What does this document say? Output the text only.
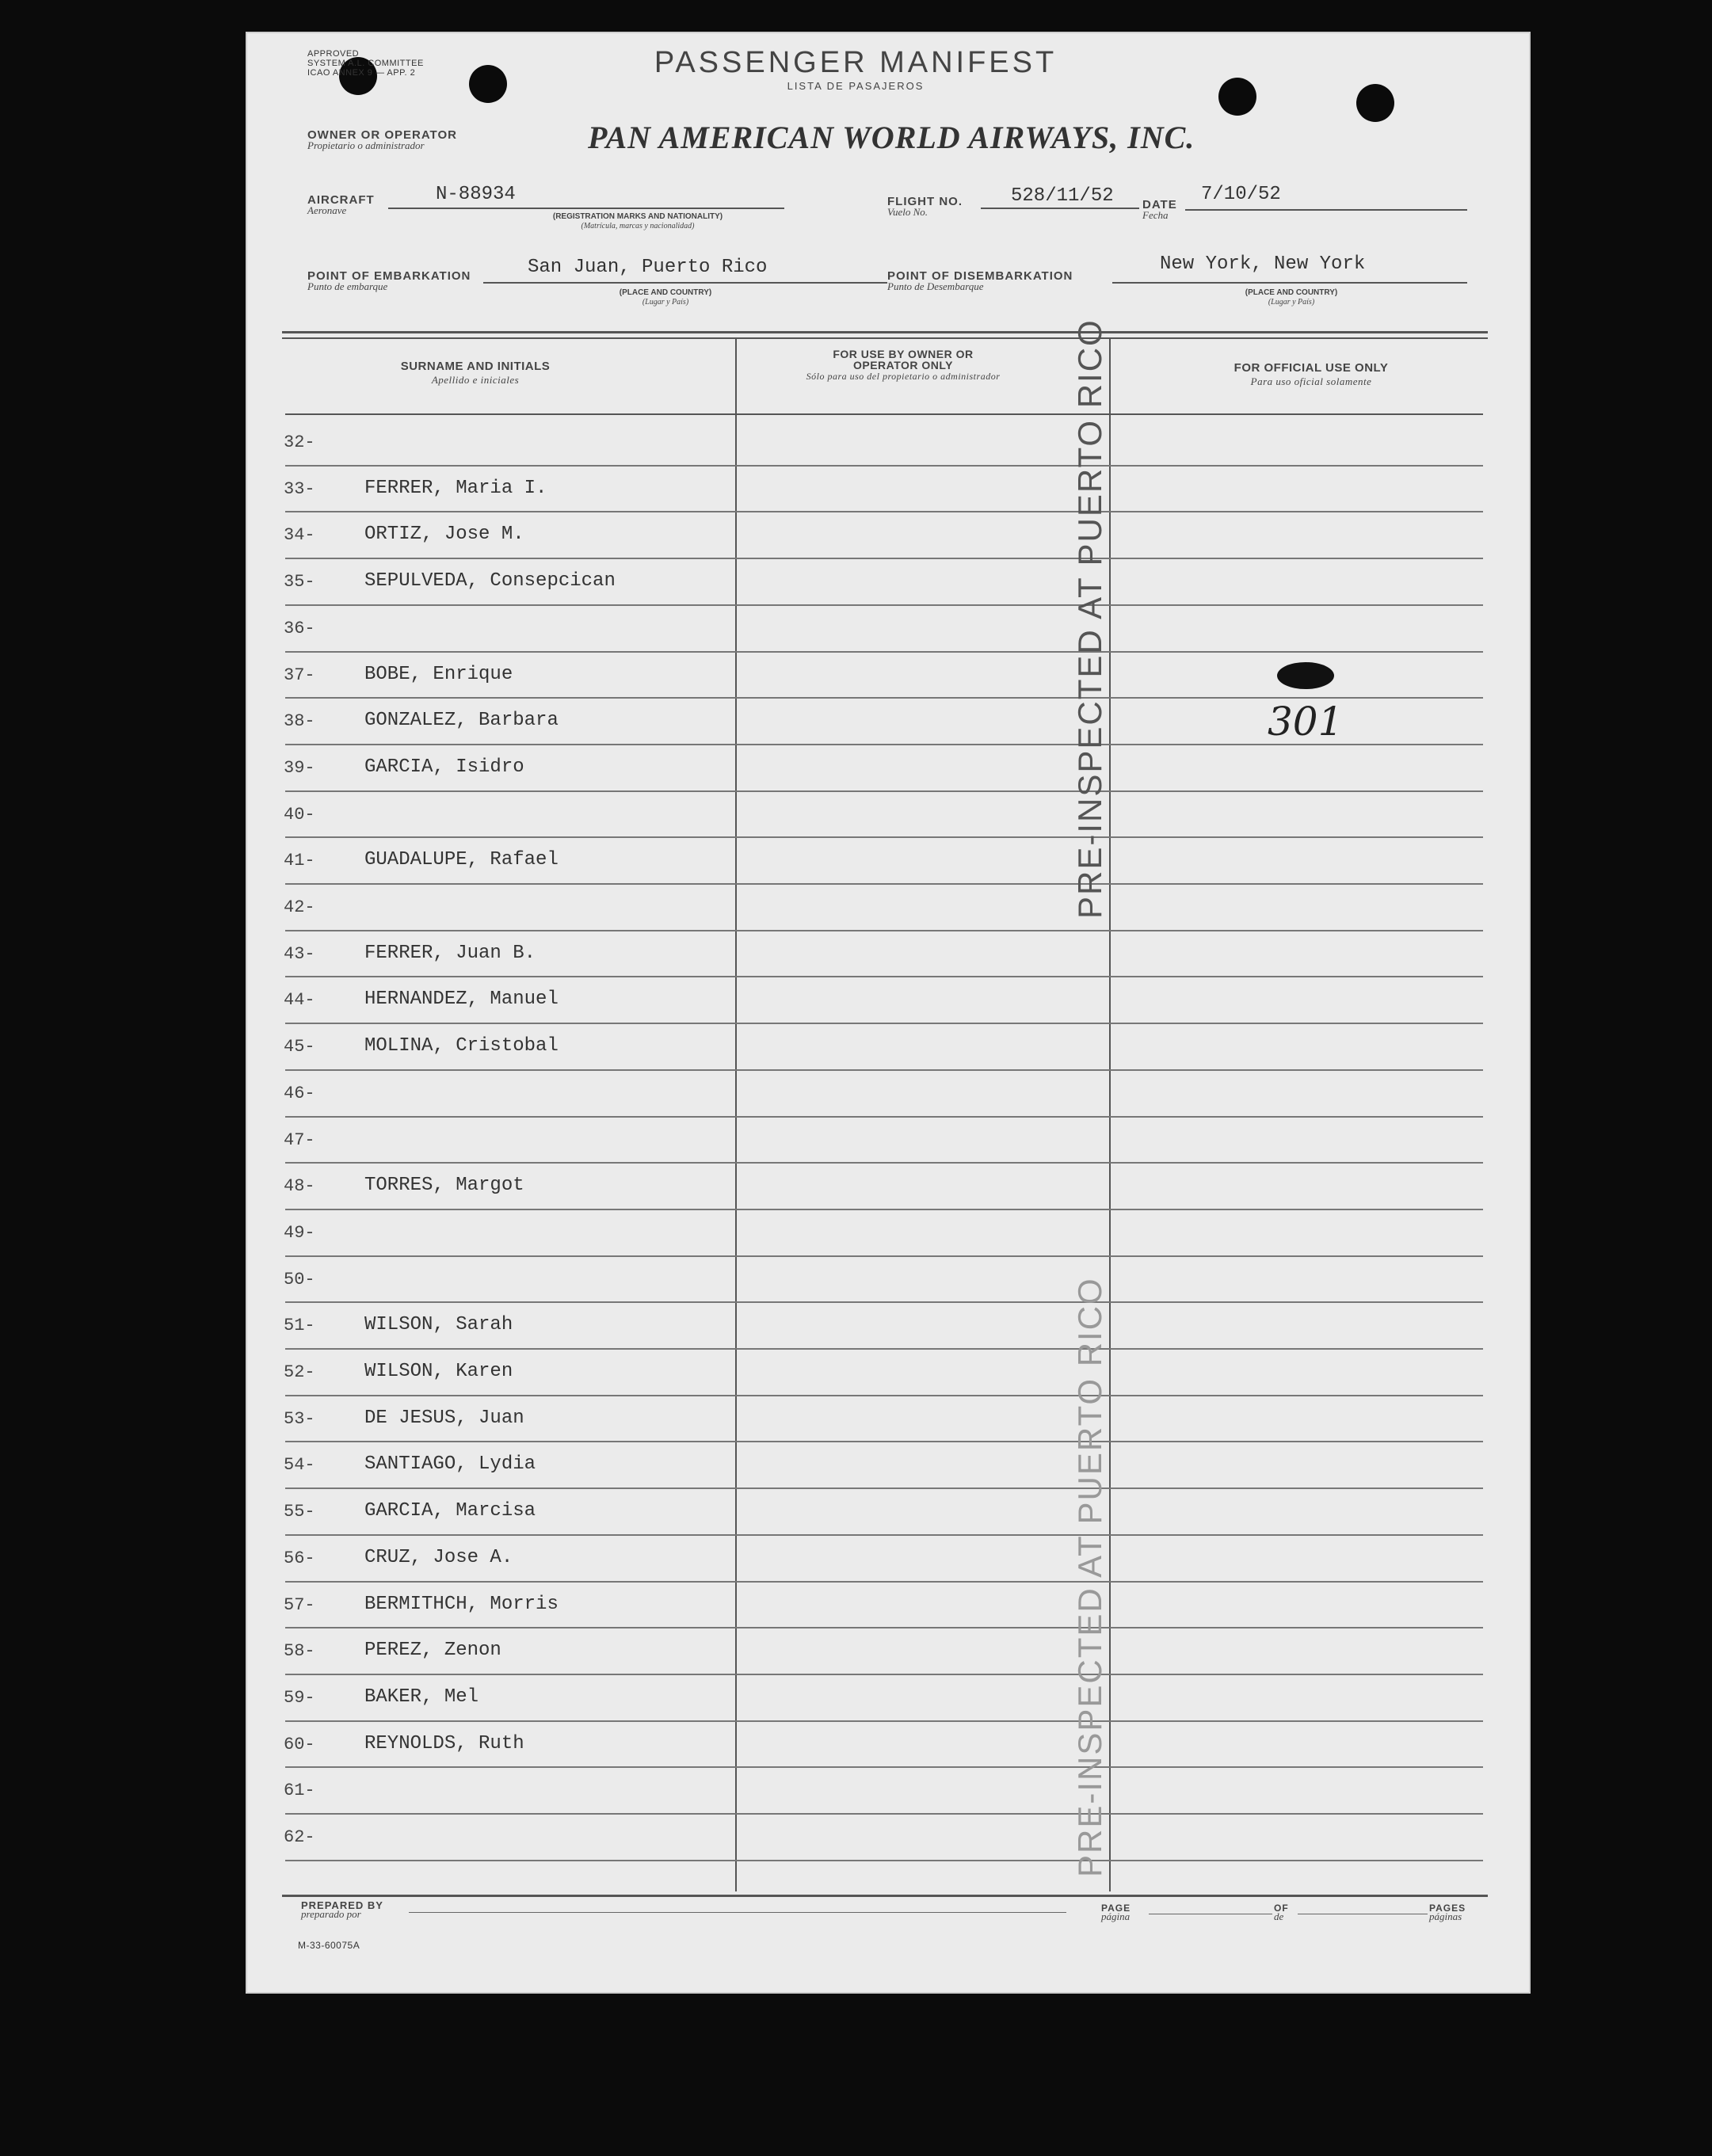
APPROVED
SYSTEM A.L. COMMITTEE
ICAO ANNEX 9 — APP. 2	PASSENGER MANIFEST
LISTA DE PASAJEROS
OWNER OR OPERATOR
Propietario o administrador	PAN AMERICAN WORLD AIRWAYS, INC.
AIRCRAFT
Aeronave
N-88934
(REGISTRATION MARKS AND NATIONALITY)
(Matrícula, marcas y nacionalidad)
FLIGHT NO.
Vuelo No.
528/11/52 DATE
Fecha
7/10/52
POINT OF EMBARKATION
Punto de embarque
San Juan, Puerto Rico
(PLACE AND COUNTRY)
(Lugar y País)
POINT OF DISEMBARKATION
Punto de Desembarque
New York, New York
(PLACE AND COUNTRY)
(Lugar y País)
SURNAME AND INITIALS
Apellido e iniciales
FOR USE BY OWNER OR OPERATOR ONLY
Sólo para uso del propietario o administrador
FOR OFFICIAL USE ONLY
Para uso oficial solamente
32-
33-	FERRER, Maria I.
34-	ORTIZ, Jose M.
35-	SEPULVEDA, Consepcican
36-
37-	BOBE, Enrique
38-	GONZALEZ, Barbara
39-	GARCIA, Isidro
40-
41-	GUADALUPE, Rafael
42-
43-	FERRER, Juan B.
44-	HERNANDEZ, Manuel
45-	MOLINA, Cristobal
46-
47-
48-	TORRES, Margot
49-
50-
51-	WILSON, Sarah
52-	WILSON, Karen
53-	DE JESUS, Juan
54-	SANTIAGO, Lydia
55-	GARCIA, Marcisa
56-	CRUZ, Jose A.
57-	BERMITHCH, Morris
58-	PEREZ, Zenon
59-	BAKER, Mel
60-	REYNOLDS, Ruth
61-
62-
PRE-INSPECTED AT PUERTO RICO
PRE-INSPECTED AT PUERTO RICO
301
PREPARED BY
preparado por	PAGE
página
OF
de
PAGES
páginas
M-33-60075A
